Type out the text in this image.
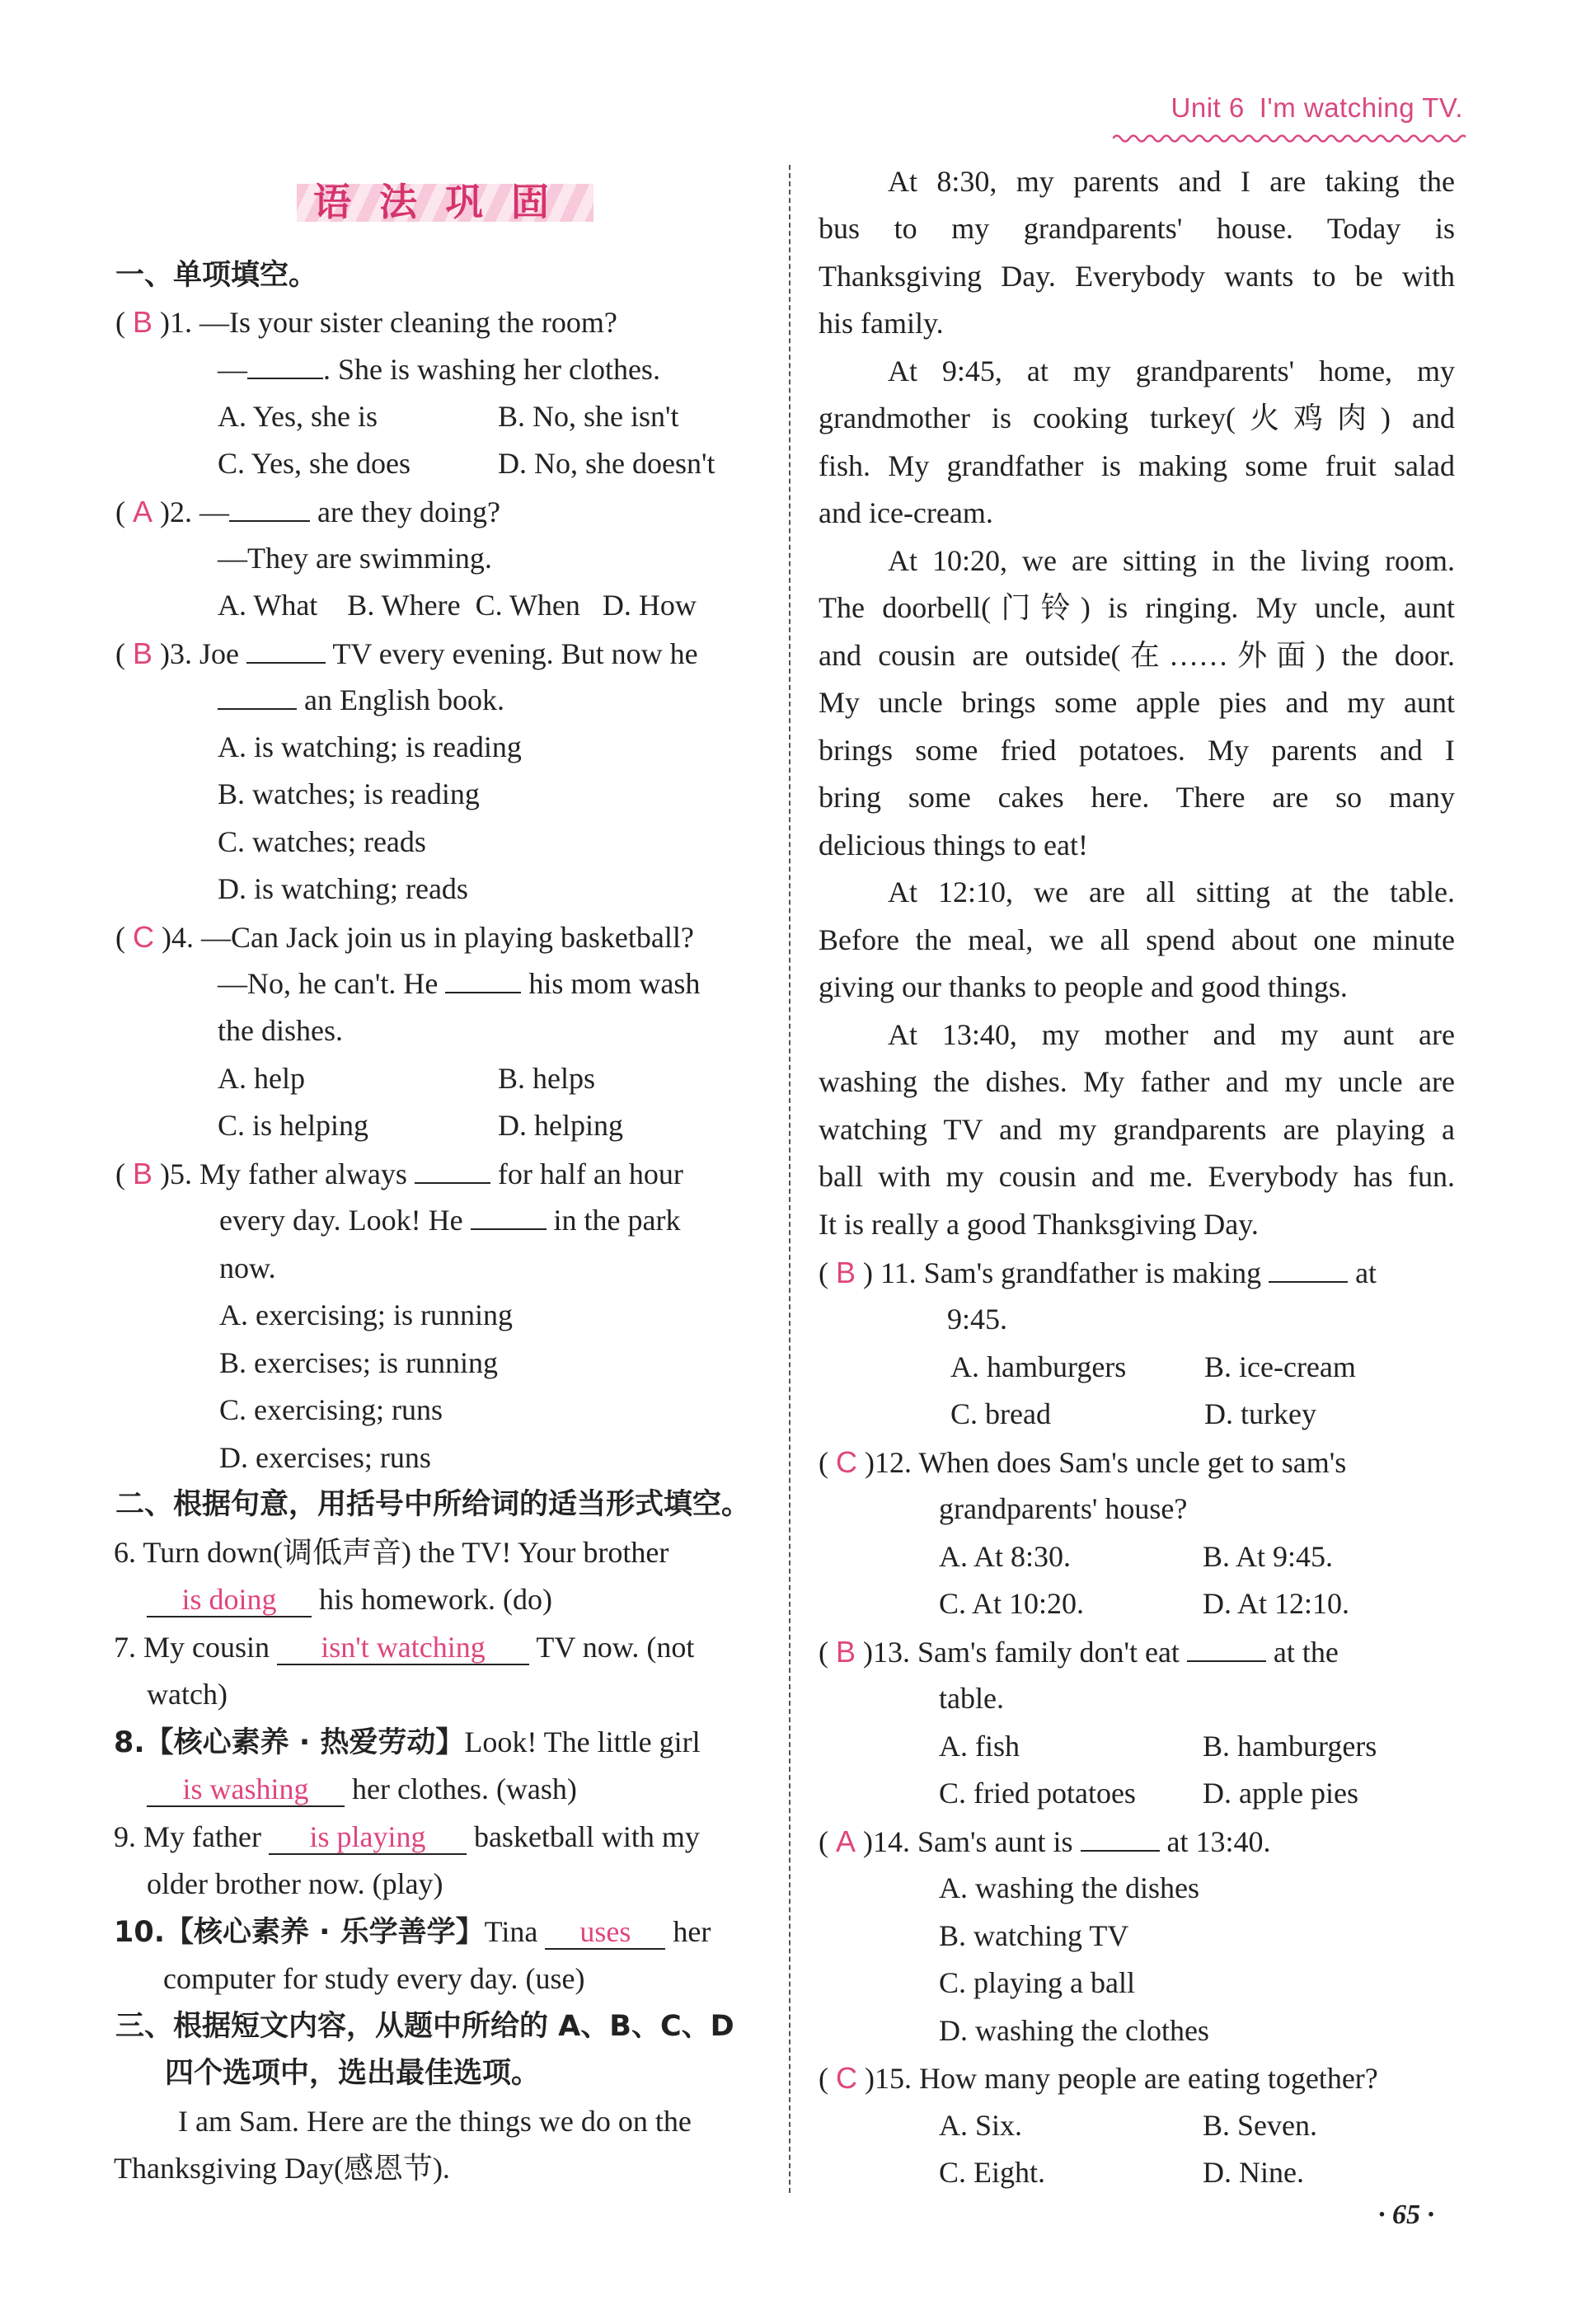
Unit 6 I'm watching TV.
语法巩固
一、单项填空。
( B )1. —Is your sister cleaning the room?
—	. She is washing her clothes.
A. Yes, she is	B. No, she isn't
C. Yes, she does	D. No, she doesn't
( A )2. —	are they doing?
—They are swimming.
A. What    B. Where  C. When   D. How
( B )3. Joe	TV every evening. But now he
an English book.
A. is watching; is reading
B. watches; is reading
C. watches; reads
D. is watching; reads
( C )4. —Can Jack join us in playing basketball?
—No, he can't. He	his mom wash
the dishes.
A. help	B. helps
C. is helping	D. helping
( B )5. My father always	for half an hour
every day. Look! He	in the park
now.
A. exercising; is running
B. exercises; is running
C. exercising; runs
D. exercises; runs
二、根据句意，用括号中所给词的适当形式填空。
6. Turn down(调低声音) the TV! Your brother
is doing his homework. (do)
7. My cousin isn't watching TV now. (not
watch)
8.【核心素养 · 热爱劳动】Look! The little girl
is washing her clothes. (wash)
9. My father is playing basketball with my
older brother now. (play)
10.【核心素养 · 乐学善学】Tina uses her
computer for study every day. (use)
三、根据短文内容，从题中所给的 A、B、C、D
四个选项中，选出最佳选项。
I am Sam. Here are the things we do on the
Thanksgiving Day(感恩节).
At 8:30, my parents and I are taking the
bus to my grandparents' house. Today is
Thanksgiving Day. Everybody wants to be with
his family.
At 9:45, at my grandparents' home, my
grandmother is cooking turkey(火鸡肉) and
fish. My grandfather is making some fruit salad
and ice-cream.
At 10:20, we are sitting in the living room.
The doorbell(门铃) is ringing. My uncle, aunt
and cousin are outside(在……外面) the door.
My uncle brings some apple pies and my aunt
brings some fried potatoes. My parents and I
bring some cakes here. There are so many
delicious things to eat!
At 12:10, we are all sitting at the table.
Before the meal, we all spend about one minute
giving our thanks to people and good things.
At 13:40, my mother and my aunt are
washing the dishes. My father and my uncle are
watching TV and my grandparents are playing a
ball with my cousin and me. Everybody has fun.
It is really a good Thanksgiving Day.
( B ) 11. Sam's grandfather is making	at
9:45.
A. hamburgers	B. ice-cream
C. bread	D. turkey
( C )12. When does Sam's uncle get to sam's
grandparents' house?
A. At 8:30.	B. At 9:45.
C. At 10:20.	D. At 12:10.
( B )13. Sam's family don't eat	at the
table.
A. fish	B. hamburgers
C. fried potatoes D. apple pies
( A )14. Sam's aunt is	at 13:40.
A. washing the dishes
B. watching TV
C. playing a ball
D. washing the clothes
( C )15. How many people are eating together?
A. Six.	B. Seven.
C. Eight.	D. Nine.
· 65 ·
